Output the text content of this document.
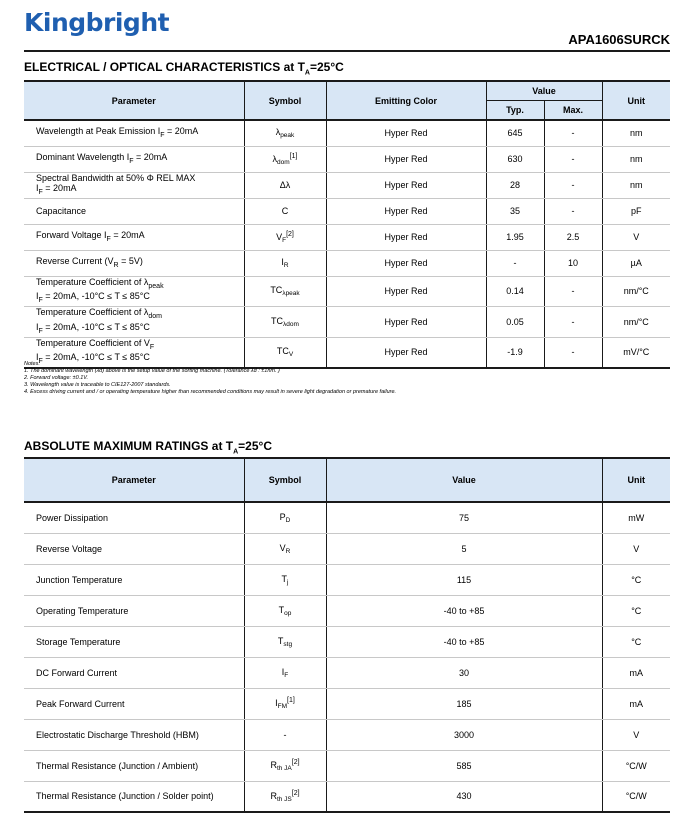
Kingbright
APA1606SURCK
ELECTRICAL / OPTICAL CHARACTERISTICS at $T_A=25^\circ C$
Parameter	Symbol	Emitting Color	Value		Unit
			Typ.	Max.	

Wavelength at Peak Emission $I_F = 20mA$	$\lambda_{peak}$	Hyper Red	645	-	nm

Dominant Wavelength $I_F = 20mA$	$\lambda_{dom}[1]$	Hyper Red	630	-	nm

Spectral Bandwidth at 50% Φ REL MAX
$I_F = 20mA$	Δλ	Hyper Red	28	-	nm

Capacitance	C	Hyper Red	35	-	pF

Forward Voltage $I_F = 20mA$	$V_F[2]$	Hyper Red	1.95	2.5	V

Reverse Current $(V_R = 5V)$	$I_R$	Hyper Red	-	10	µA

Temperature Coefficient of $\lambda_{peak}$
$I_F = 20mA$, -10°C ≤ T ≤ 85°C	$TC_{\lambda peak}$	Hyper Red	0.14	-	nm/°C

Temperature Coefficient of $\lambda_{dom}$
$I_F = 20mA$, -10°C ≤ T ≤ 85°C	$TC_{\lambda dom}$	Hyper Red	0.05	-	nm/°C

Temperature Coefficient of $V_F$
$I_F = 20mA$, -10°C ≤ T ≤ 85°C	$TC_V$	Hyper Red	-1.9	-	mV/°C
Notes:
1. The dominant wavelength (λd) above is the setup value of the sorting machine. (Tolerance λd : ±1nm. )
2. Forward voltage: ±0.1V.
3. Wavelength value is traceable to CIE127-2007 standards.
4. Excess driving current and / or operating temperature higher than recommended conditions may result in severe light degradation or premature failure.
ABSOLUTE MAXIMUM RATINGS at $T_A=25^\circ C$
Parameter	Symbol	Value	Unit
Power Dissipation	$P_D$	75	mW
Reverse Voltage	$V_R$	5	V
Junction Temperature	$T_j$	115	°C
Operating Temperature	$T_{op}$	-40 to +85	°C
Storage Temperature	$T_{stg}$	-40 to +85	°C
DC Forward Current	$I_F$	30	mA
Peak Forward Current	$I_{FM}[1]$	185	mA
Electrostatic Discharge Threshold (HBM)	-	3000	V
Thermal Resistance (Junction / Ambient)	$R_{th JA}[2]$	585	°C/W
Thermal Resistance (Junction / Solder point)	$R_{th JS}[2]$	430	°C/W
